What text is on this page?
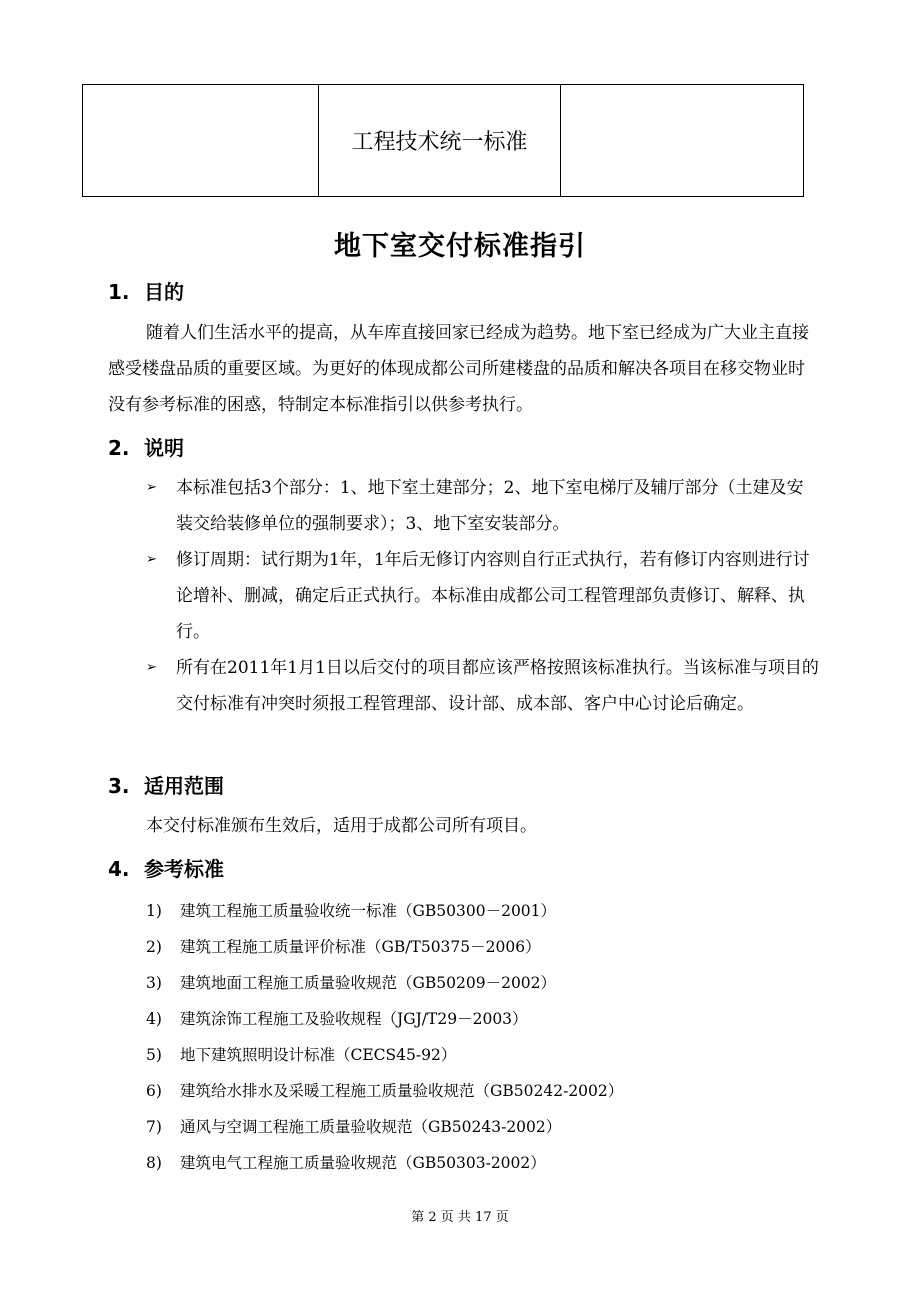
工程技术统一标准
地下室交付标准指引
1. 目的

随着人们生活水平的提高，从车库直接回家已经成为趋势。地下室已经成为广大业主直接感受楼盘品质的重要区域。为更好的体现成都公司所建楼盘的品质和解决各项目在移交物业时没有参考标准的困惑，特制定本标准指引以供参考执行。

2. 说明
➢ 本标准包括3个部分：1、地下室土建部分；2、地下室电梯厅及辅厅部分（土建及安装交给装修单位的强制要求）；3、地下室安装部分。
➢ 修订周期：试行期为1年，1年后无修订内容则自行正式执行，若有修订内容则进行讨论增补、删减，确定后正式执行。本标准由成都公司工程管理部负责修订、解释、执行。
➢ 所有在2011年1月1日以后交付的项目都应该严格按照该标准执行。当该标准与项目的交付标准有冲突时须报工程管理部、设计部、成本部、客户中心讨论后确定。
3. 适用范围

本交付标准颁布生效后，适用于成都公司所有项目。

4. 参考标准
1) 建筑工程施工质量验收统一标准（GB50300－2001）
2) 建筑工程施工质量评价标准（GB/T50375－2006）
3) 建筑地面工程施工质量验收规范（GB50209－2002）
4) 建筑涂饰工程施工及验收规程（JGJ/T29－2003）
5) 地下建筑照明设计标准（CECS45-92）
6) 建筑给水排水及采暖工程施工质量验收规范（GB50242-2002）
7) 通风与空调工程施工质量验收规范（GB50243-2002）
8) 建筑电气工程施工质量验收规范（GB50303-2002）
第 2 页 共 17 页
